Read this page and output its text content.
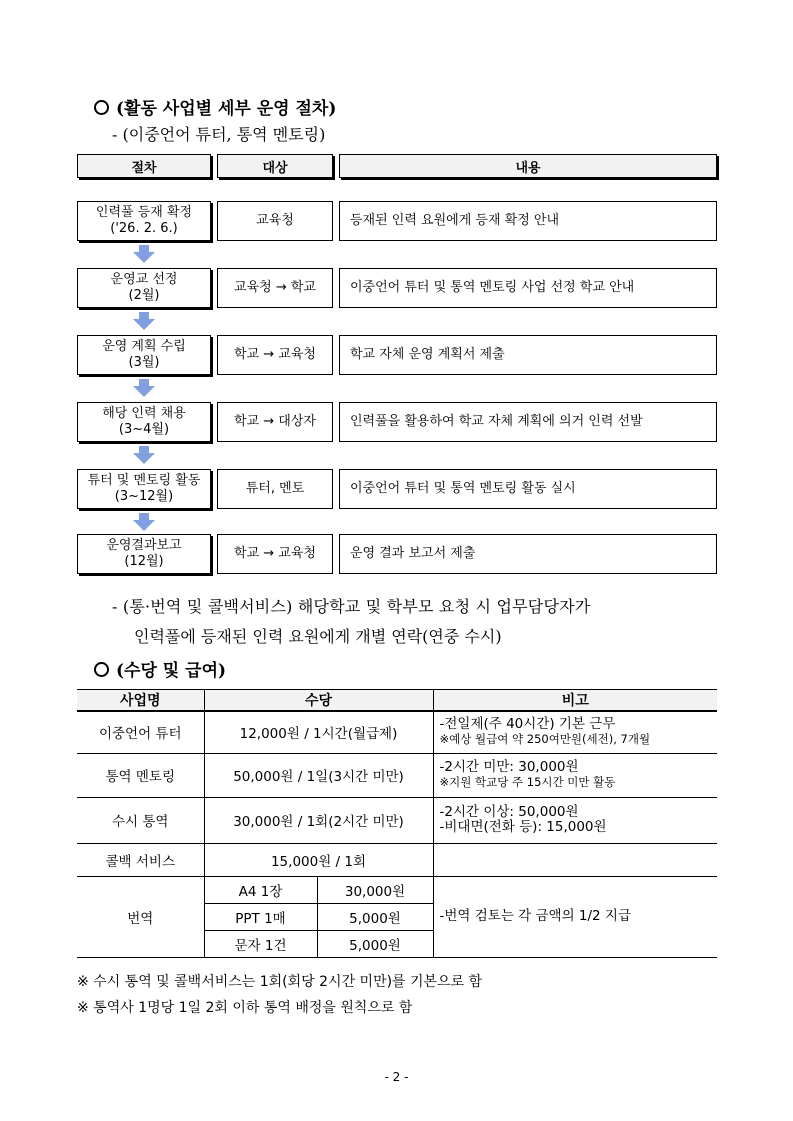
(활동 사업별 세부 운영 절차)
- (이중언어 튜터, 통역 멘토링)
절차	대상	내용
인력풀 등재 확정
('26. 2. 6.)
교육청	등재된 인력 요원에게 등재 확정 안내
운영교 선정
(2월)
교육청 → 학교	이중언어 튜터 및 통역 멘토링 사업 선정 학교 안내
운영 계획 수립
(3월)
학교 → 교육청	학교 자체 운영 계획서 제출
해당 인력 채용
(3~4월)
학교 → 대상자	인력풀을 활용하여 학교 자체 계획에 의거 인력 선발
튜터 및 멘토링 활동
(3~12월)
튜터, 멘토	이중언어 튜터 및 통역 멘토링 활동 실시
운영결과보고
(12월)
학교 → 교육청	운영 결과 보고서 제출
- (통·번역 및 콜백서비스) 해당학교 및 학부모 요청 시 업무담당자가
인력풀에 등재된 인력 요원에게 개별 연락(연중 수시)
(수당 및 급여)
사업명	수당		비고
이중언어 튜터	12,000원 / 1시간(월급제)		-전일제(주 40시간) 기본 근무
※예상 월급여 약 250여만원(세전), 7개월

통역 멘토링	50,000원 / 1일(3시간 미만)		-2시간 미만: 30,000원
※지원 학교당 주 15시간 미만 활동

수시 통역	30,000원 / 1회(2시간 미만)		-2시간 이상: 50,000원
-비대면(전화 등): 15,000원

콜백 서비스	15,000원 / 1회		
번역	A4 1장	30,000원	-번역 검토는 각 금액의 1/2 지급
	PPT 1매	5,000원	
	문자 1건	5,000원	
※ 수시 통역 및 콜백서비스는 1회(회당 2시간 미만)를 기본으로 함
※ 통역사 1명당 1일 2회 이하 통역 배정을 원칙으로 함
- 2 -
